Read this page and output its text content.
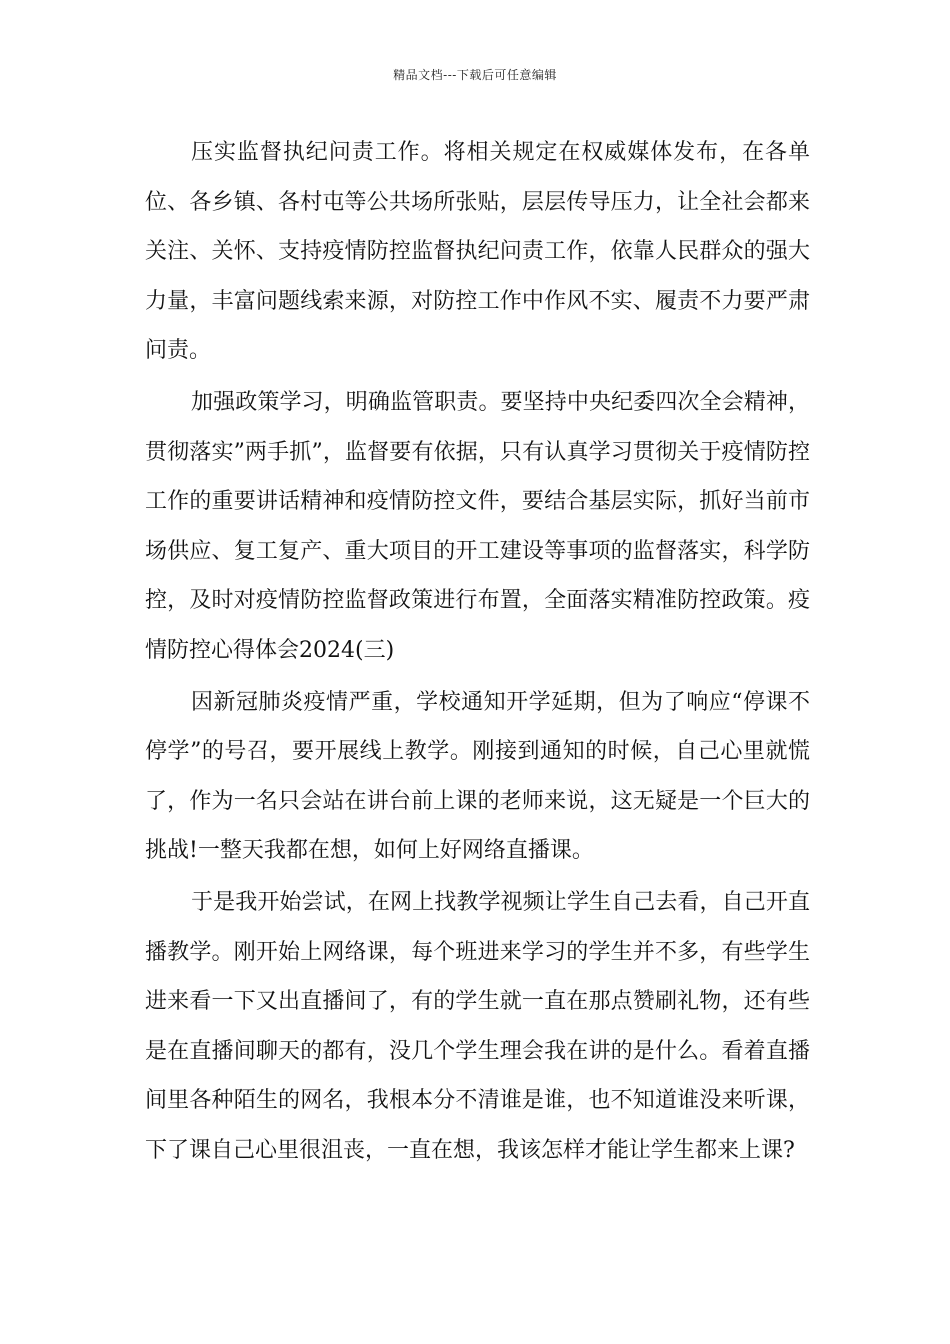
精品文档---下载后可任意编辑

压实监督执纪问责工作。将相关规定在权威媒体发布，在各单位、各乡镇、各村屯等公共场所张贴，层层传导压力，让全社会都来关注、关怀、支持疫情防控监督执纪问责工作，依靠人民群众的强大力量，丰富问题线索来源，对防控工作中作风不实、履责不力要严肃问责。

加强政策学习，明确监管职责。要坚持中央纪委四次全会精神，贯彻落实”两手抓”，监督要有依据，只有认真学习贯彻关于疫情防控工作的重要讲话精神和疫情防控文件，要结合基层实际，抓好当前市场供应、复工复产、重大项目的开工建设等事项的监督落实，科学防控，及时对疫情防控监督政策进行布置，全面落实精准防控政策。疫情防控心得体会2024(三)

因新冠肺炎疫情严重，学校通知开学延期，但为了响应“停课不停学”的号召，要开展线上教学。刚接到通知的时候，自己心里就慌了，作为一名只会站在讲台前上课的老师来说，这无疑是一个巨大的挑战!一整天我都在想，如何上好网络直播课。

于是我开始尝试，在网上找教学视频让学生自己去看，自己开直播教学。刚开始上网络课，每个班进来学习的学生并不多，有些学生进来看一下又出直播间了，有的学生就一直在那点赞刷礼物，还有些是在直播间聊天的都有，没几个学生理会我在讲的是什么。看着直播间里各种陌生的网名，我根本分不清谁是谁，也不知道谁没来听课，下了课自己心里很沮丧，一直在想，我该怎样才能让学生都来上课?
